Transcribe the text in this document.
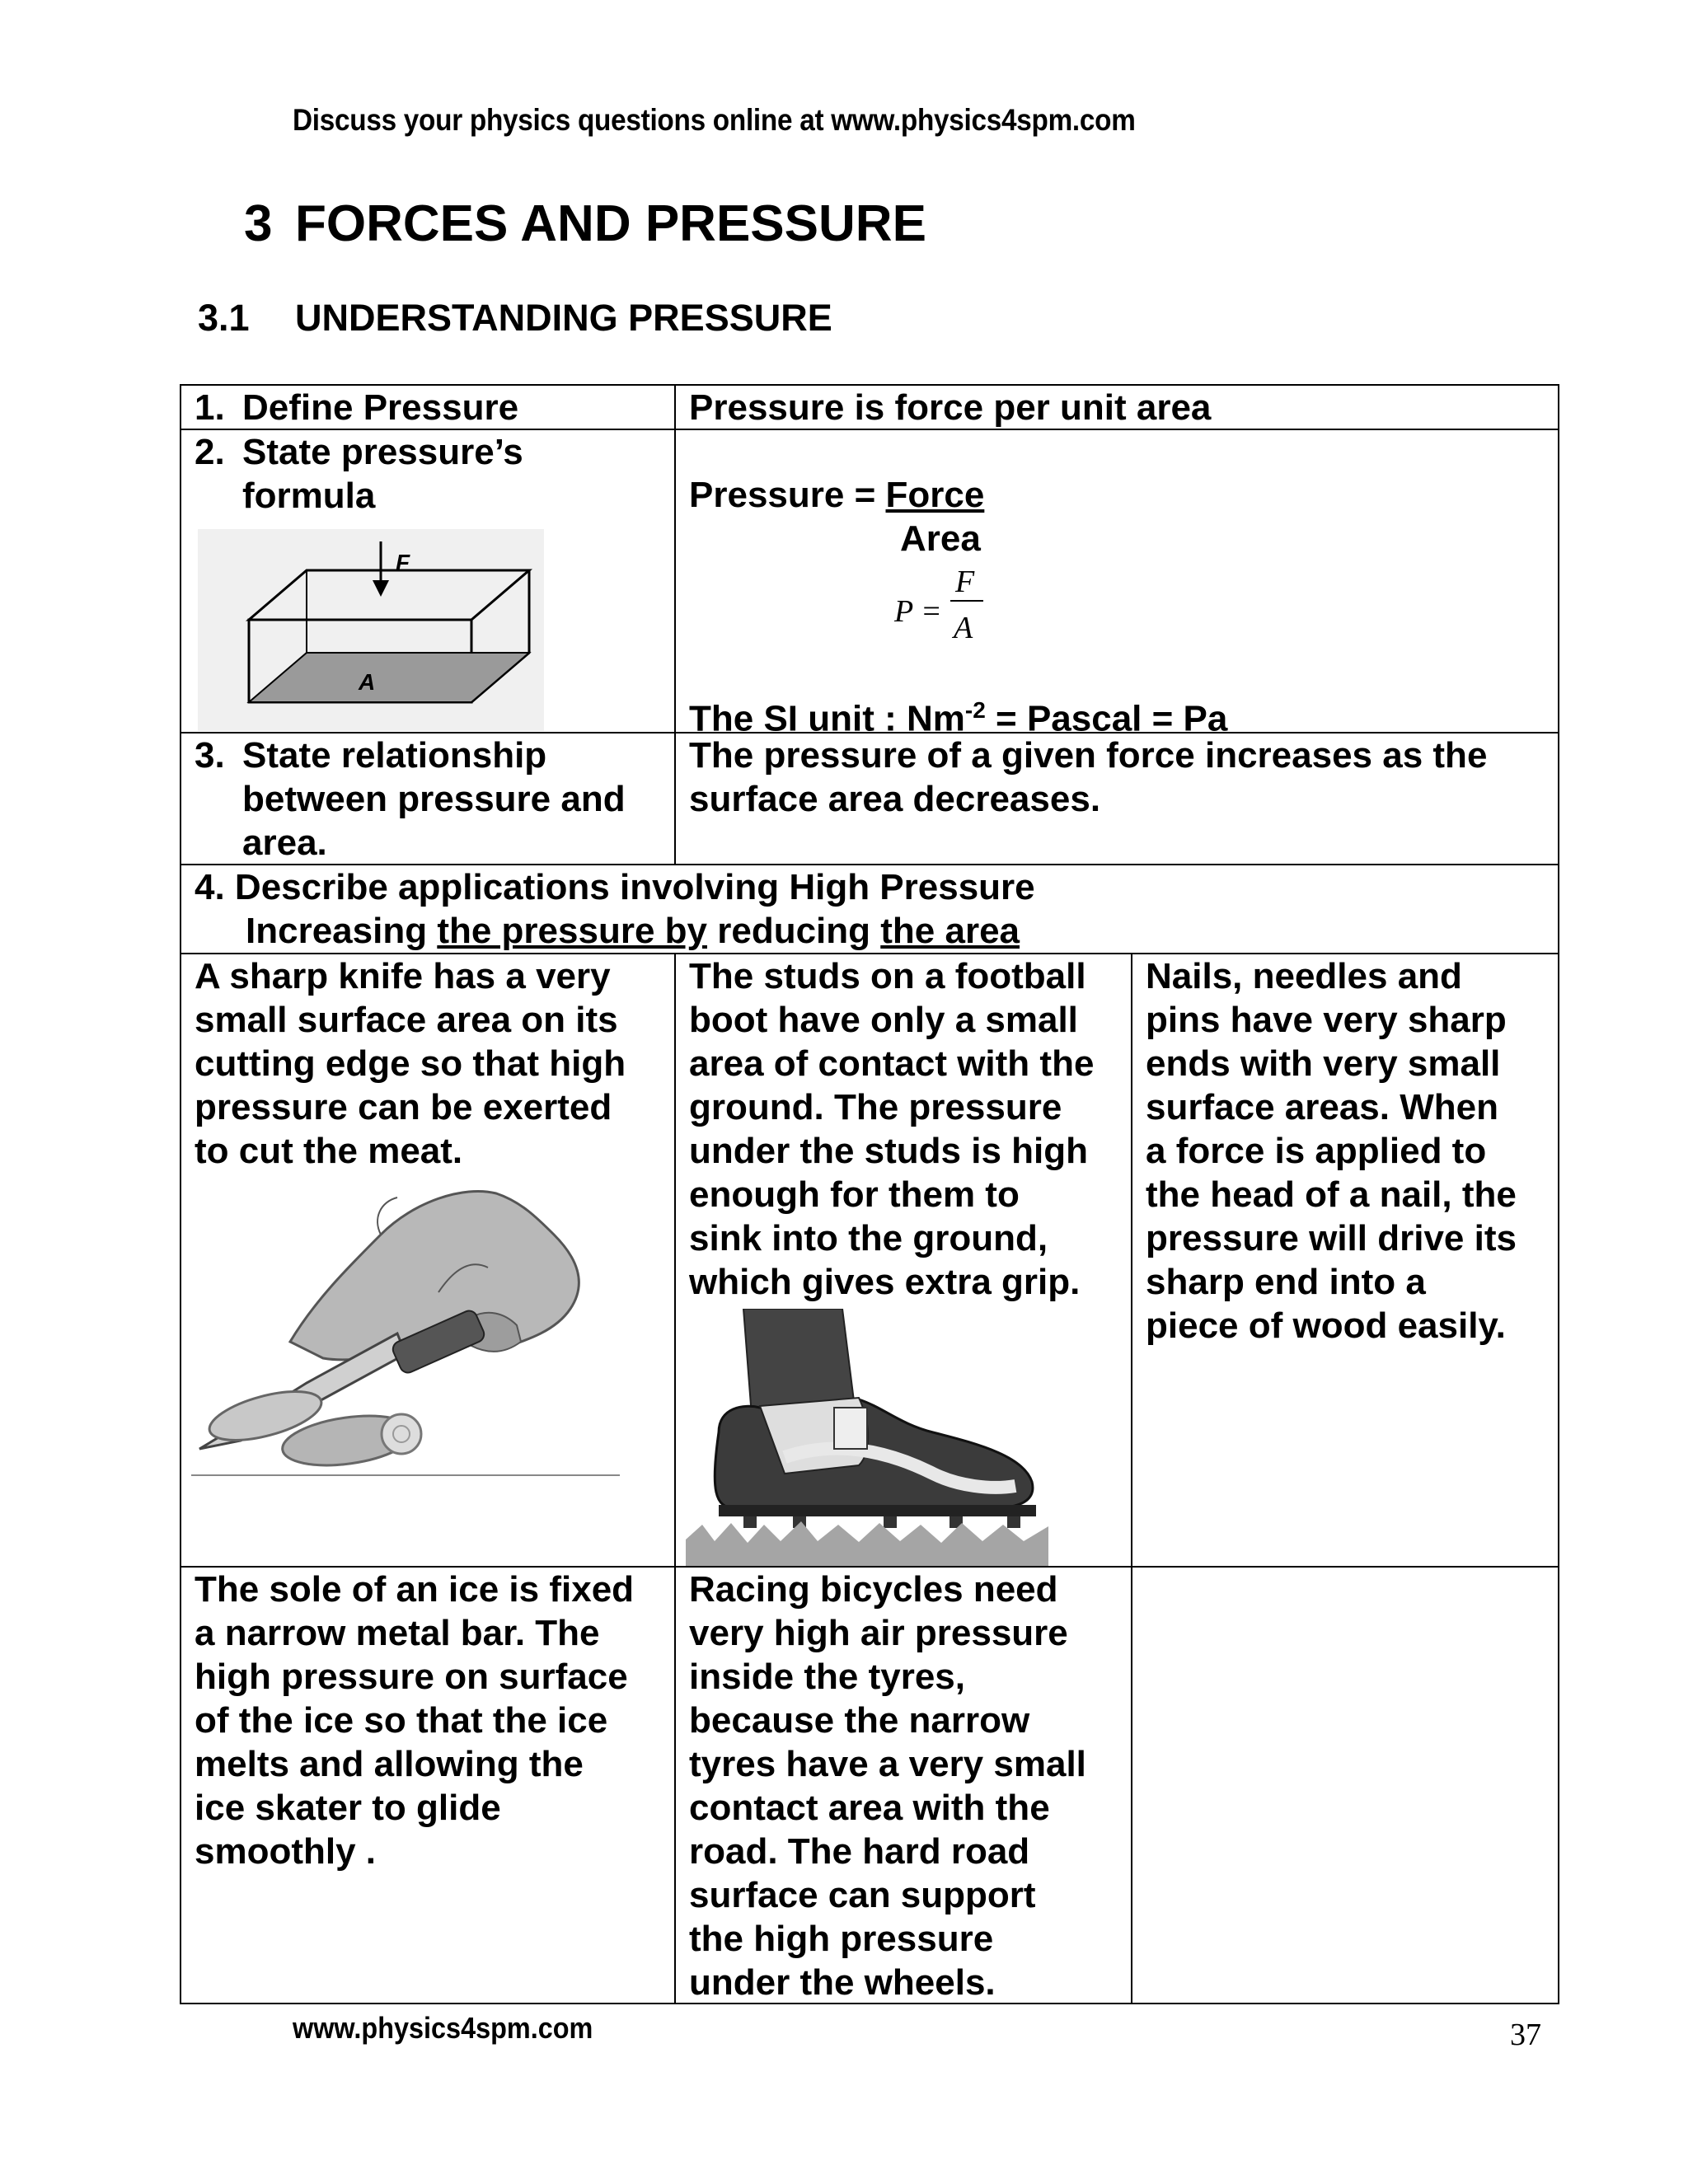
Discuss your physics questions online at www.physics4spm.com
3 FORCES AND PRESSURE
3.1 UNDERSTANDING PRESSURE
1. Define Pressure	Pressure is force per unit area
2. State pressure’s
formula
F
A
Pressure = Force
Area
The SI unit : $Nm^{-2}$ = Pascal = Pa
P =
F
A
3. State relationship
between pressure and
area.
The pressure of a given force increases as the
surface area decreases.
4. Describe applications involving High Pressure
Increasing the pressure by reducing the area
A sharp knife has a very
small surface area on its
cutting edge so that high
pressure can be exerted
to cut the meat.
The studs on a football
boot have only a small
area of contact with the
ground. The pressure
under the studs is high
enough for them to
sink into the ground,
which gives extra grip.
Nails, needles and
pins have very sharp
ends with very small
surface areas. When
a force is applied to
the head of a nail, the
pressure will drive its
sharp end into a
piece of wood easily.
The sole of an ice is fixed
a narrow metal bar. The
high pressure on surface
of the ice so that the ice
melts and allowing the
ice skater to glide
smoothly .
Racing bicycles need
very high air pressure
inside the tyres,
because the narrow
tyres have a very small
contact area with the
road. The hard road
surface can support
the high pressure
under the wheels.
www.physics4spm.com	37
